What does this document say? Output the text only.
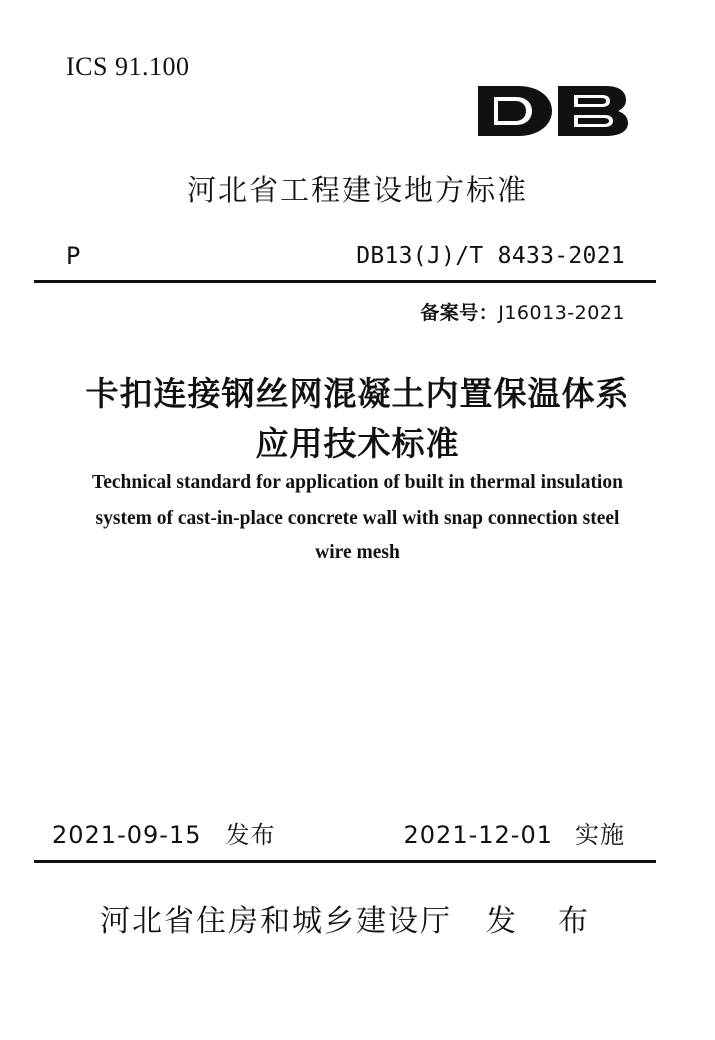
ICS 91.100
河北省工程建设地方标准
P	DB13(J)/T 8433-2021
备案号：J16013-2021
卡扣连接钢丝网混凝土内置保温体系
应用技术标准
Technical standard for application of built in thermal insulation
system of cast-in-place concrete wall with snap connection steel
wire mesh
2021-09-15 发布	2021-12-01 实施
河北省住房和城乡建设厅 发 布
